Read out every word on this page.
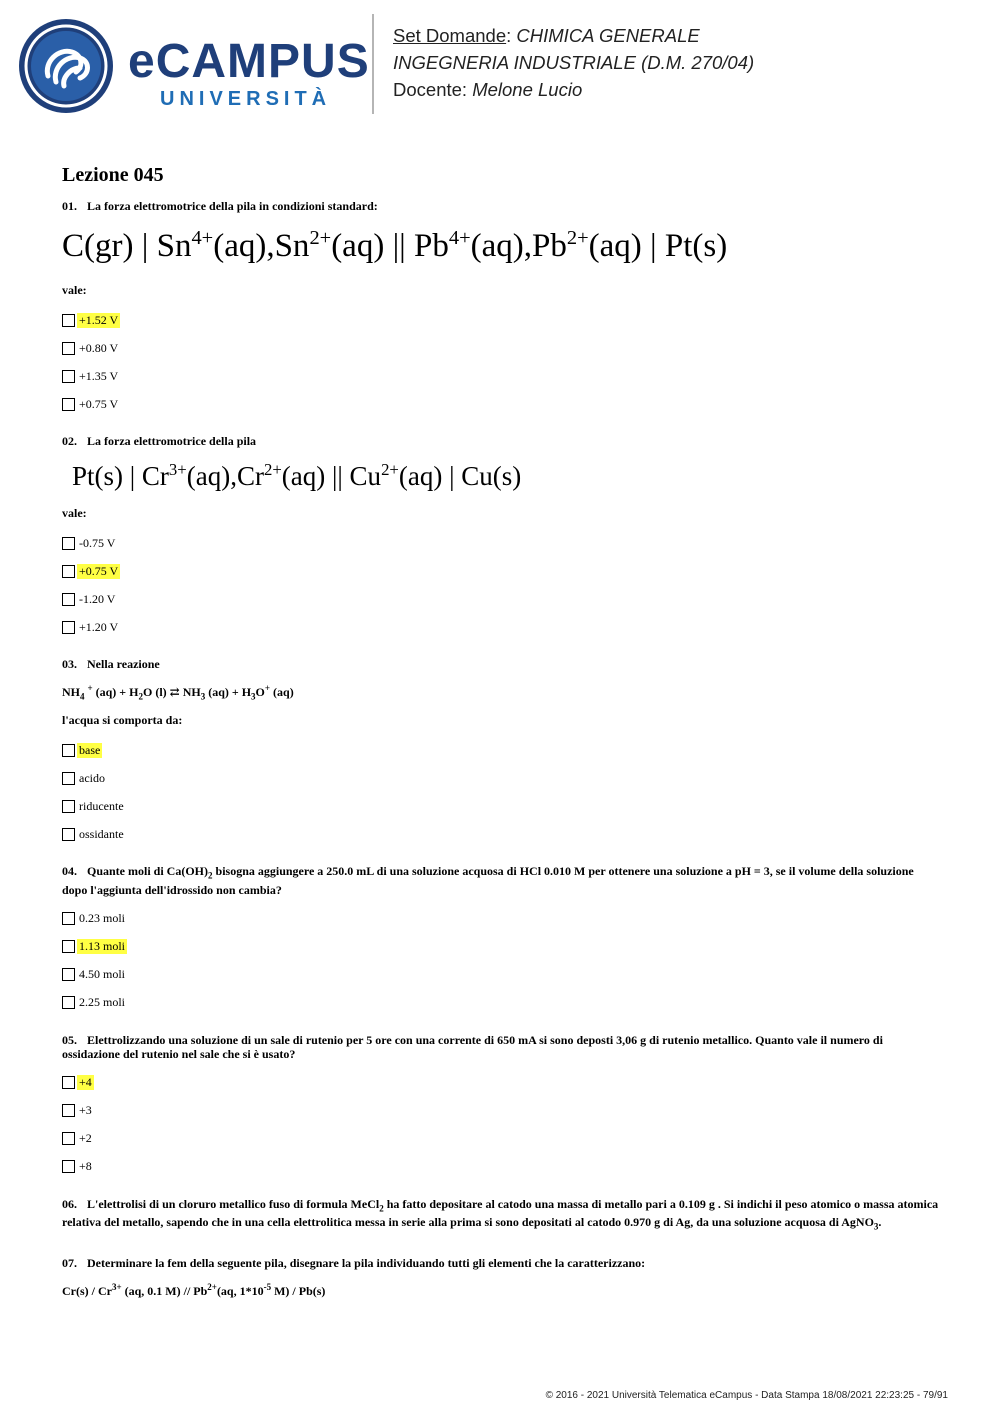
eCAMPUS
UNIVERSITÀ
Set Domande: CHIMICA GENERALE
INGEGNERIA INDUSTRIALE (D.M. 270/04)
Docente: Melone Lucio
Lezione 045
01. La forza elettromotrice della pila in condizioni standard:
C(gr) | $Sn^{4+}(aq),Sn^{2+}(aq)$ || $Pb^{4+}(aq),Pb^{2+}(aq)$ | Pt(s)
vale:
+1.52 V
+0.80 V
+1.35 V
+0.75 V
02. La forza elettromotrice della pila
Pt(s) | $Cr^{3+}(aq),Cr^{2+}(aq)$ || $Cu^{2+}(aq)$ | Cu(s)
vale:
-0.75 V
+0.75 V
-1.20 V
+1.20 V
03. Nella reazione
$NH_4$ + $(aq) + H_2O$ (l) ⇄ $NH_3$ $(aq) + H_3O^+$ (aq)
l'acqua si comporta da:
base
acido
riducente
ossidante
04. Quante moli di $Ca(OH)_2$ bisogna aggiungere a 250.0 mL di una soluzione acquosa di HCl 0.010 M per ottenere una soluzione a pH = 3, se il volume della soluzione dopo l'aggiunta dell'idrossido non cambia?
0.23 moli
1.13 moli
4.50 moli
2.25 moli
05. Elettrolizzando una soluzione di un sale di rutenio per 5 ore con una corrente di 650 mA si sono deposti 3,06 g di rutenio metallico. Quanto vale il numero di ossidazione del rutenio nel sale che si è usato?
+4
+3
+2
+8
06. L'elettrolisi di un cloruro metallico fuso di formula MeCl$_2$ ha fatto depositare al catodo una massa di metallo pari a 0.109 g . Si indichi il peso atomico o massa atomica relativa del metallo, sapendo che in una cella elettrolitica messa in serie alla prima si sono depositati al catodo 0.970 g di Ag, da una soluzione acquosa di AgNO$_3$.
07. Determinare la fem della seguente pila, disegnare la pila individuando tutti gli elementi che la caratterizzano:
$Cr(s) / Cr^{3+}$ (aq, 0.1 $M) // Pb^{2+}(aq$, $1*10^{-5}$ M) / Pb(s)
© 2016 - 2021 Università Telematica eCampus - Data Stampa 18/08/2021 22:23:25 - 79/91
